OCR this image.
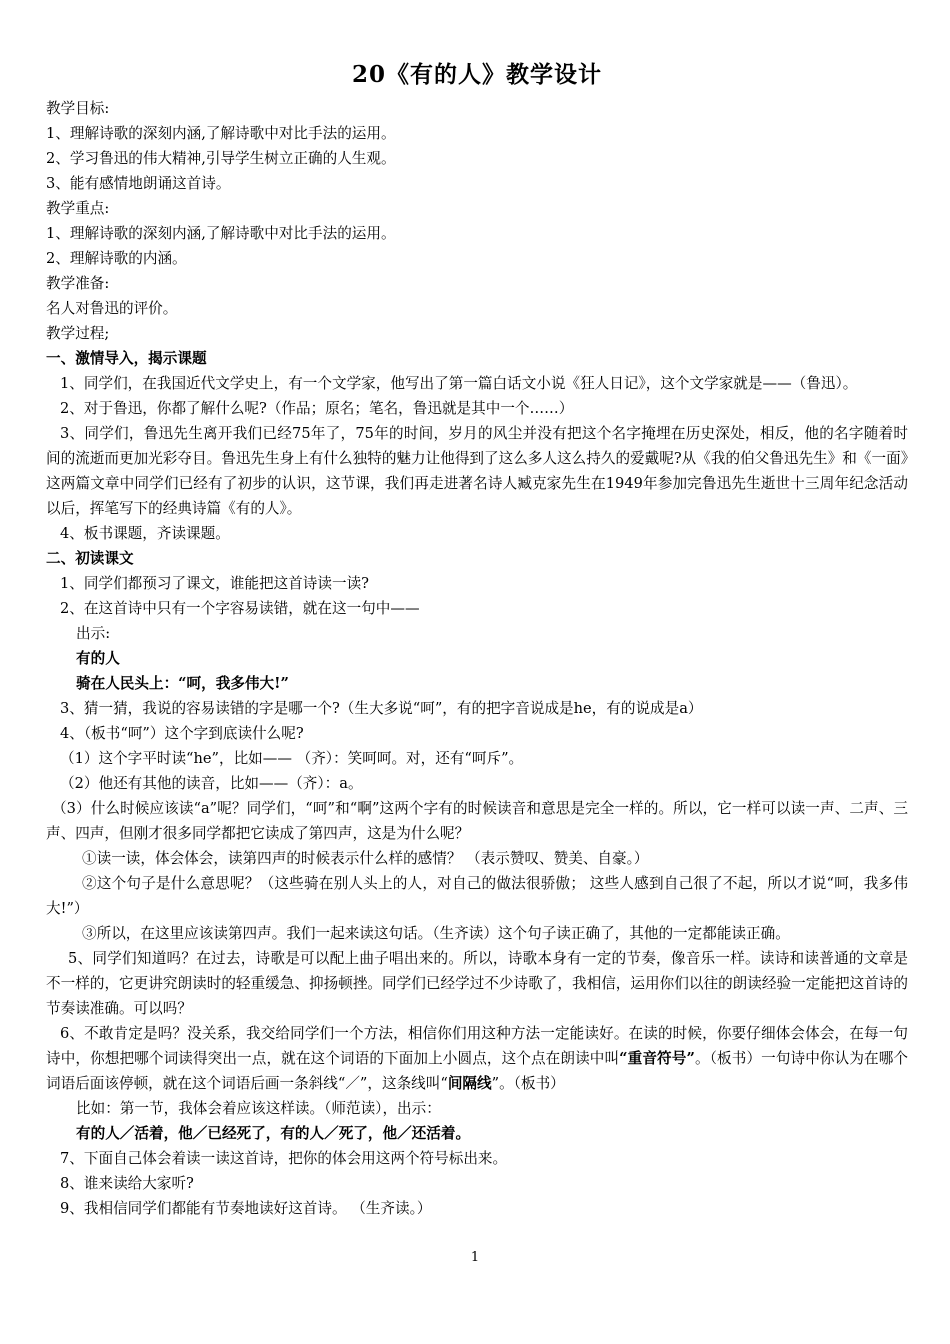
20《有的人》教学设计
教学目标:
1、理解诗歌的深刻内涵,了解诗歌中对比手法的运用。
2、学习鲁迅的伟大精神,引导学生树立正确的人生观。
3、能有感情地朗诵这首诗。
教学重点:
1、理解诗歌的深刻内涵,了解诗歌中对比手法的运用。
2、理解诗歌的内涵。
教学准备:
名人对鲁迅的评价。
教学过程;
一、激情导入，揭示课题
1、同学们，在我国近代文学史上，有一个文学家，他写出了第一篇白话文小说《狂人日记》，这个文学家就是——（鲁迅）。
2、对于鲁迅，你都了解什么呢?（作品；原名；笔名，鲁迅就是其中一个……）
3、同学们，鲁迅先生离开我们已经75年了，75年的时间，岁月的风尘并没有把这个名字掩埋在历史深处，相反，他的名字随着时间的流逝而更加光彩夺目。鲁迅先生身上有什么独特的魅力让他得到了这么多人这么持久的爱戴呢?从《我的伯父鲁迅先生》和《一面》这两篇文章中同学们已经有了初步的认识，这节课，我们再走进著名诗人臧克家先生在1949年参加完鲁迅先生逝世十三周年纪念活动以后，挥笔写下的经典诗篇《有的人》。
4、板书课题，齐读课题。
二、初读课文
1、同学们都预习了课文，谁能把这首诗读一读?
2、在这首诗中只有一个字容易读错，就在这一句中——
出示:
有的人
骑在人民头上：“呵，我多伟大!”
3、猜一猜，我说的容易读错的字是哪一个?（生大多说“呵”，有的把字音说成是he，有的说成是a）
4、（板书“呵”）这个字到底读什么呢?
（1）这个字平时读“he”，比如—— （齐）：笑呵呵。对，还有“呵斥”。
（2）他还有其他的读音，比如——（齐）：a。
（3）什么时候应该读“a”呢？同学们，“呵”和“啊”这两个字有的时候读音和意思是完全一样的。所以，它一样可以读一声、二声、三声、四声，但刚才很多同学都把它读成了第四声，这是为什么呢？
①读一读，体会体会，读第四声的时候表示什么样的感情？ （表示赞叹、赞美、自豪。）
②这个句子是什么意思呢？（这些骑在别人头上的人，对自己的做法很骄傲； 这些人感到自己很了不起，所以才说“呵，我多伟大!”）
③所以，在这里应该读第四声。我们一起来读这句话。（生齐读）这个句子读正确了，其他的一定都能读正确。
5、同学们知道吗？在过去，诗歌是可以配上曲子唱出来的。所以，诗歌本身有一定的节奏，像音乐一样。读诗和读普通的文章是不一样的，它更讲究朗读时的轻重缓急、抑扬顿挫。同学们已经学过不少诗歌了，我相信，运用你们以往的朗读经验一定能把这首诗的节奏读准确。可以吗？
6、不敢肯定是吗？没关系，我交给同学们一个方法，相信你们用这种方法一定能读好。在读的时候，你要仔细体会体会，在每一句诗中，你想把哪个词读得突出一点，就在这个词语的下面加上小圆点，这个点在朗读中叫“重音符号”。（板书）一句诗中你认为在哪个词语后面该停顿，就在这个词语后画一条斜线“／”，这条线叫“间隔线”。（板书）
比如：第一节，我体会着应该这样读。（师范读），出示：
有的人／活着，他／已经死了，有的人／死了，他／还活着。
7、下面自己体会着读一读这首诗，把你的体会用这两个符号标出来。
8、谁来读给大家听?
9、我相信同学们都能有节奏地读好这首诗。 （生齐读。）
1
